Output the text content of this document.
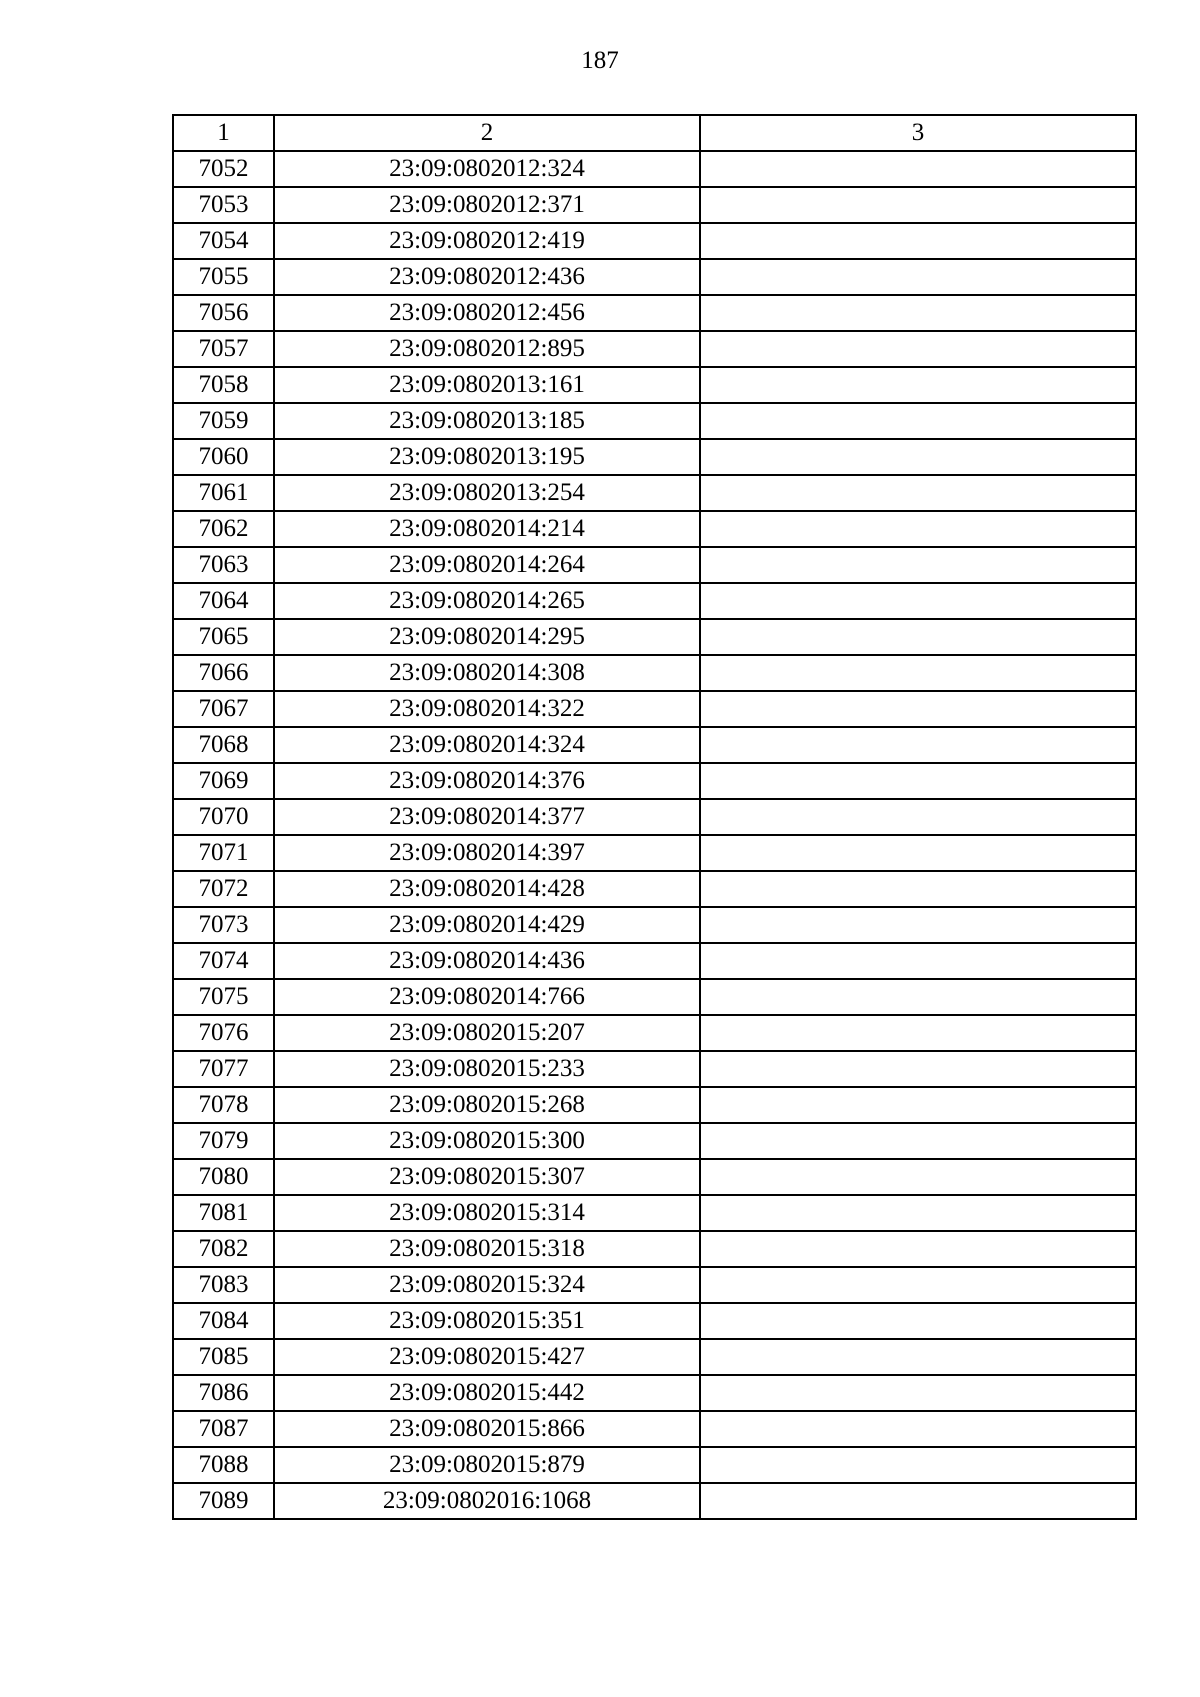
187
1	2	3
7052	23:09:0802012:324	
7053	23:09:0802012:371	
7054	23:09:0802012:419	
7055	23:09:0802012:436	
7056	23:09:0802012:456	
7057	23:09:0802012:895	
7058	23:09:0802013:161	
7059	23:09:0802013:185	
7060	23:09:0802013:195	
7061	23:09:0802013:254	
7062	23:09:0802014:214	
7063	23:09:0802014:264	
7064	23:09:0802014:265	
7065	23:09:0802014:295	
7066	23:09:0802014:308	
7067	23:09:0802014:322	
7068	23:09:0802014:324	
7069	23:09:0802014:376	
7070	23:09:0802014:377	
7071	23:09:0802014:397	
7072	23:09:0802014:428	
7073	23:09:0802014:429	
7074	23:09:0802014:436	
7075	23:09:0802014:766	
7076	23:09:0802015:207	
7077	23:09:0802015:233	
7078	23:09:0802015:268	
7079	23:09:0802015:300	
7080	23:09:0802015:307	
7081	23:09:0802015:314	
7082	23:09:0802015:318	
7083	23:09:0802015:324	
7084	23:09:0802015:351	
7085	23:09:0802015:427	
7086	23:09:0802015:442	
7087	23:09:0802015:866	
7088	23:09:0802015:879	
7089	23:09:0802016:1068	
